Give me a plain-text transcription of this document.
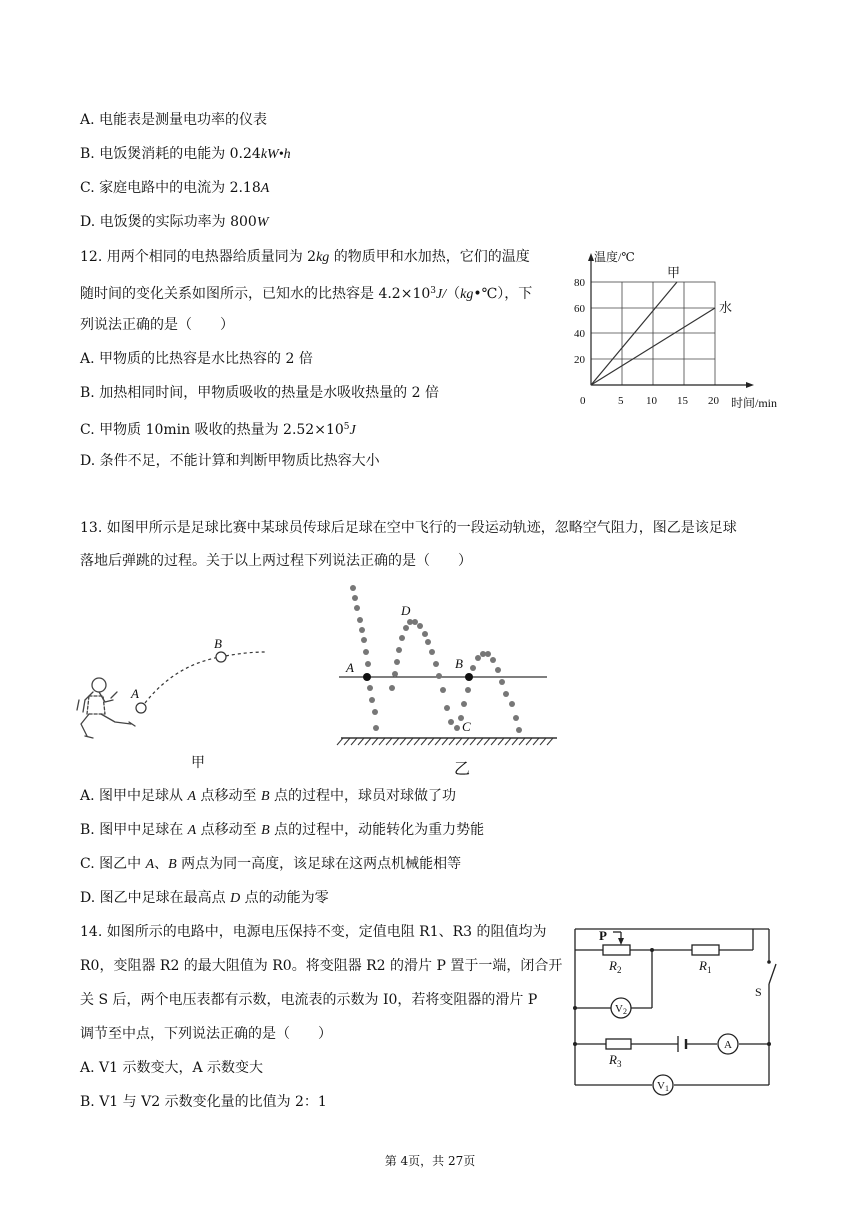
A. 电能表是测量电功率的仪表
B. 电饭煲消耗的电能为 0.24kW•h
C. 家庭电路中的电流为 2.18A
D. 电饭煲的实际功率为 800W
12. 用两个相同的电热器给质量同为 2kg 的物质甲和水加热，它们的温度
随时间的变化关系如图所示，已知水的比热容是 $4.2\times 10^3J/(kg•℃)$，下
列说法正确的是（　　）
A. 甲物质的比热容是水比热容的 2 倍
B. 加热相同时间，甲物质吸收的热量是水吸收热量的 2 倍
C. 甲物质 10min 吸收的热量为 $2.52\times 10^5J$
D. 条件不足，不能计算和判断甲物质比热容大小
温度/℃
时间/min
20
40
60
80
0	5 10 15 20
甲
水
13. 如图甲所示是足球比赛中某球员传球后足球在空中飞行的一段运动轨迹，忽略空气阻力，图乙是该足球
落地后弹跳的过程。关于以上两过程下列说法正确的是（　　）
A
B
甲
A	B
C
D
乙
A. 图甲中足球从 A 点移动至 B 点的过程中，球员对球做了功
B. 图甲中足球在 A 点移动至 B 点的过程中，动能转化为重力势能
C. 图乙中 A、B 两点为同一高度，该足球在这两点机械能相等
D. 图乙中足球在最高点 D 点的动能为零
14. 如图所示的电路中，电源电压保持不变，定值电阻 R1、R3 的阻值均为
R0，变阻器 R2 的最大阻值为 R0。将变阻器 R2 的滑片 P 置于一端，闭合开
关 S 后，两个电压表都有示数，电流表的示数为 I0，若将变阻器的滑片 P
调节至中点，下列说法正确的是（　　）
A. V1 示数变大，A 示数变大
B. V1 与 V2 示数变化量的比值为 2：1
P
$R_2$	$R_1$
$R_3$
S
V2
A
V1
第 4页，共 27页
